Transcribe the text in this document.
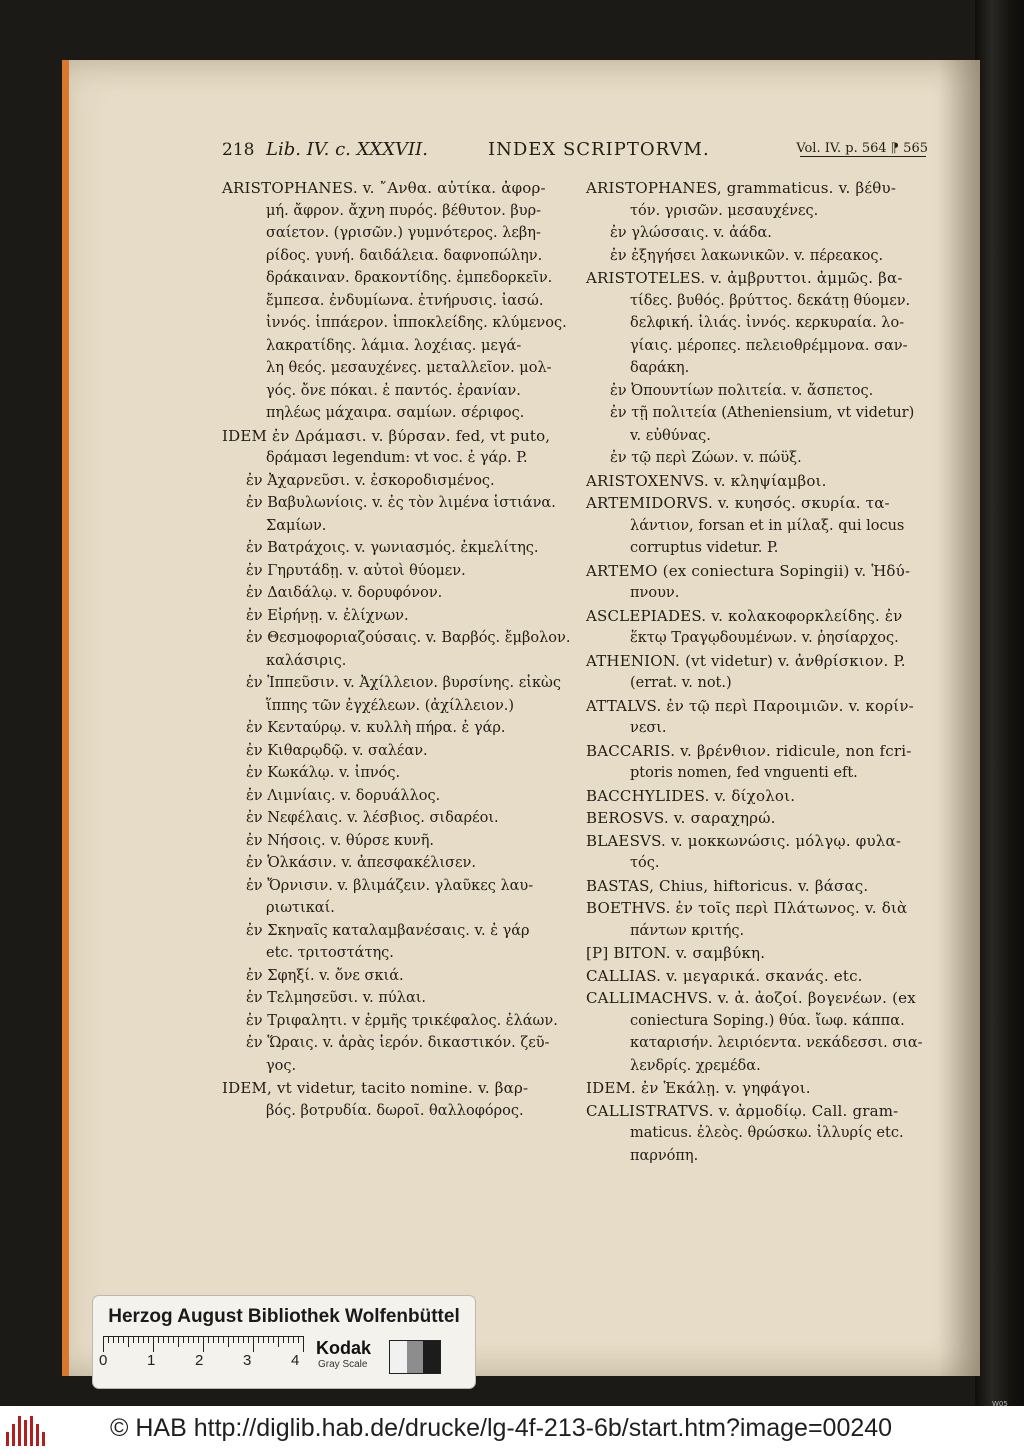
218 Lib. IV. c. XXXVII.	INDEX SCRIPTORVM.	Vol. IV. p. 564 ⁋ 565
ARISTOPHANES. v. ῎Ανθα. αὐτίκα. ἀφορ-
μή. ἄφρον. ἄχνη πυρός. βέθυτον. βυρ-
σαίετον. (γρισῶν.) γυμνότερος. λεβη-
ρίδος. γυνή. δαιδάλεια. δαφνοπώλην.
δράκαιναν. δρακοντίδης. ἐμπεδορκεῖν.
ἔμπεσα. ἐνδυμίωνα. ἐτνήρυσις. ἰασώ.
ἰννός. ἱππάερον. ἱπποκλείδης. κλύμενος.
λακρατίδης. λάμια. λοχέιας. μεγά-
λη θεός. μεσαυχένες. μεταλλεῖον. μολ-
γός. ὄνε πόκαι. ἐ παντός. ἐρανίαν.
πηλέως μάχαιρα. σαμίων. σέριφος.
IDEM ἐν Δράμασι. v. βύρσαν. fed, vt puto,
δράμασι legendum: vt voc. ἐ γάρ. P.
ἐν Ἀχαρνεῦσι. v. ἐσκοροδισμένος.
ἐν Βαβυλωνίοις. v. ἐς τὸν λιμένα ἱστιάνα.
Σαμίων.
ἐν Βατράχοις. v. γωνιασμός. ἐκμελίτης.
ἐν Γηρυτάδῃ. v. αὐτοὶ θύομεν.
ἐν Δαιδάλῳ. v. δορυφόνον.
ἐν Εἰρήνῃ. v. ἐλίχνων.
ἐν Θεσμοφοριαζούσαις. v. Βαρβός. ἔμβολον.
καλάσιρις.
ἐν Ἱππεῦσιν. v. Ἀχίλλειον. βυρσίνης. εἰκὼς
ἵππης τῶν ἐγχέλεων. (ἀχίλλειον.)
ἐν Κενταύρῳ. v. κυλλὴ πήρα. ἐ γάρ.
ἐν Κιθαρῳδῷ. v. σαλέαν.
ἐν Κωκάλῳ. v. ἰπνός.
ἐν Λιμνίαις. v. δορυάλλος.
ἐν Νεφέλαις. v. λέσβιος. σιδαρέοι.
ἐν Νήσοις. v. θύρσε κυνῆ.
ἐν Ὁλκάσιν. v. ἀπεσφακέλισεν.
ἐν Ὄρνισιν. v. βλιμάζειν. γλαῦκες λαυ-
ριωτικαί.
ἐν Σκηναῖς καταλαμβανέσαις. v. ἐ γάρ
etc. τριτοστάτης.
ἐν Σφηξί. v. ὄνε σκιά.
ἐν Τελμησεῦσι. v. πύλαι.
ἐν Τριφαλητι. v ἑρμῆς τρικέφαλος. ἐλάων.
ἐν Ὥραις. v. ἀρὰς ἱερόν. δικαστικόν. ζεῦ-
γος.
IDEM, vt videtur, tacito nomine. v. βαρ-
βός. βοτρυδία. δωροῖ. θαλλοφόρος.
ARISTOPHANES, grammaticus. v. βέθυ-
τόν. γρισῶν. μεσαυχένες.
ἐν γλώσσαις. v. ἀάδα.
ἐν ἐξηγήσει λακωνικῶν. v. πέρεακος.
ARISTOTELES. v. ἀμβρυττοι. ἀμμῶς. βα-
τίδες. βυθός. βρύττος. δεκάτῃ θύομεν.
δελφική. ἰλιάς. ἰννός. κερκυραία. λο-
γίαις. μέροπες. πελειοθρέμμονα. σαν-
δαράκη.
ἐν Ὀπουντίων πολιτεία. v. ἄσπετος.
ἐν τῇ πολιτεία (Atheniensium, vt videtur)
v. εὐθύνας.
ἐν τῷ περὶ Ζώων. v. πώϋξ.
ARISTOXENVS. v. κληψίαμβοι.
ARTEMIDORVS. v. κυησός. σκυρία. τα-
λάντιον, forsan et in μίλαξ. qui locus
corruptus videtur. P.
ARTEMO (ex coniectura Sopingii) v. Ἡδύ-
πνουν.
ASCLEPIADES. v. κολακοφορκλείδης. ἐν
ἕκτῳ Τραγῳδουμένων. v. ῥησίαρχος.
ATHENION. (vt videtur) v. ἀνθρίσκιον. P.
(errat. v. not.)
ATTALVS. ἐν τῷ περὶ Παροιμιῶν. v. κορίν-
νεσι.
BACCARIS. v. βρένθιον. ridicule, non fcri-
ptoris nomen, fed vnguenti eft.
BACCHYLIDES. v. δίχολοι.
BEROSVS. v. σαραχηρώ.
BLAESVS. v. μοκκωνώσις. μόλγῳ. φυλα-
τός.
BASTAS, Chius, hiftoricus. v. βάσας.
BOETHVS. ἐν τοῖς περὶ Πλάτωνος. v. διὰ
πάντων κριτής.
[P] BITON. v. σαμβύκη.
CALLIAS. v. μεγαρικά. σκανάς. etc.
CALLIMACHVS. v. ἀ. ἀοζοί. βογενέων. (ex
coniectura Soping.) θύα. ἴωφ. κάππα.
καταρισήν. λειριόεντα. νεκάδεσσι. σια-
λενδρίς. χρεμέδα.
IDEM. ἐν Ἑκάλῃ. v. γηφάγοι.
CALLISTRATVS. v. ἀρμοδίῳ. Call. gram-
maticus. ἐλεὸς. θρώσκω. ἰλλυρίς etc.
παρνόπη.
Herzog August Bibliothek Wolfenbüttel
0	1	2	3	4
Kodak
Gray Scale
© HAB http://diglib.hab.de/drucke/lg-4f-213-6b/start.htm?image=00240
W05
